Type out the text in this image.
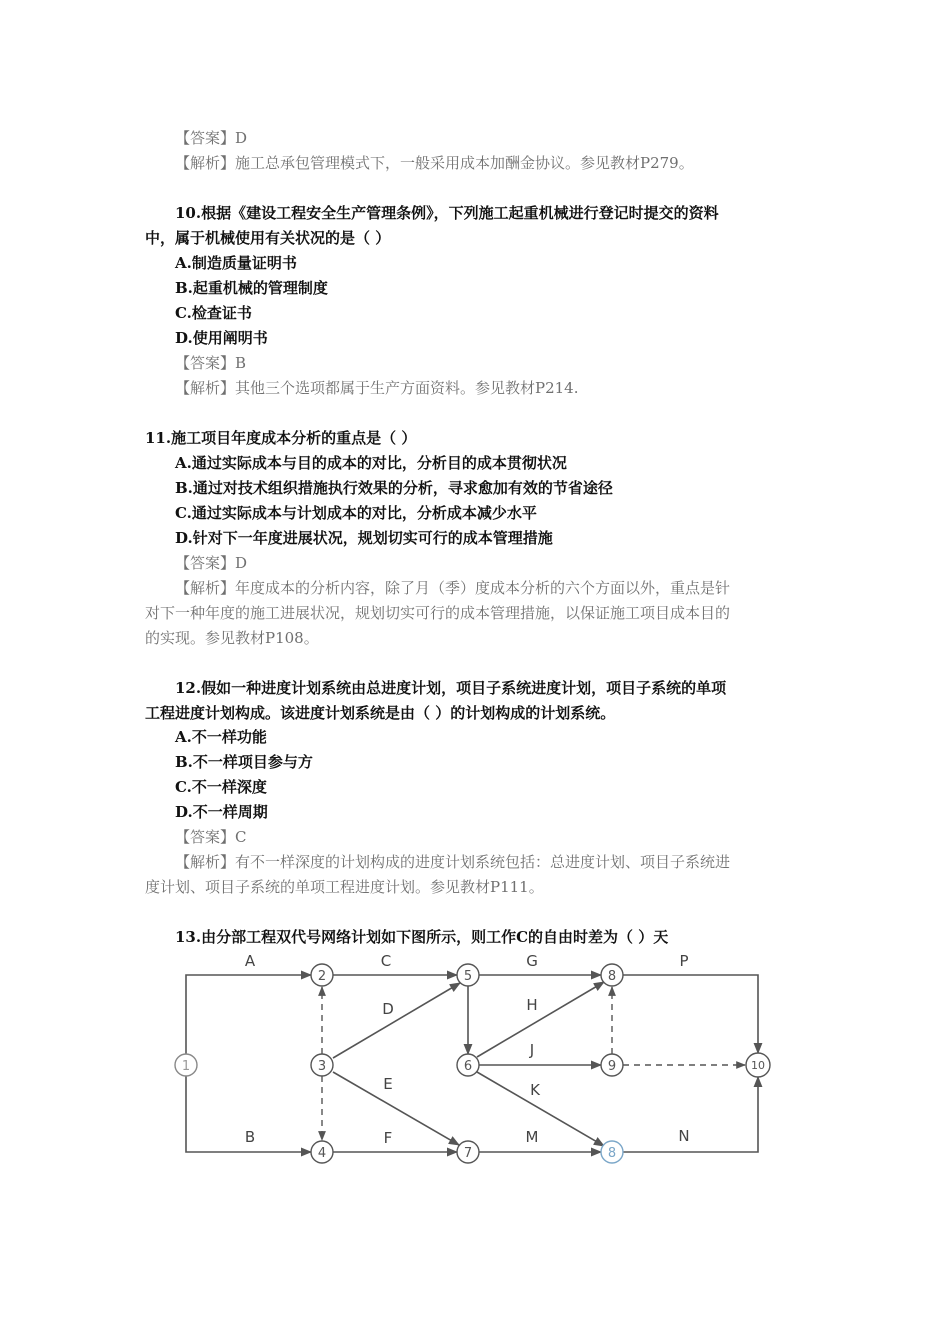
【答案】D
【解析】施工总承包管理模式下，一般采用成本加酬金协议。参见教材P279。
10.根据《建设工程安全生产管理条例》，下列施工起重机械进行登记时提交的资料
中，属于机械使用有关状况的是（ ）
A.制造质量证明书
B.起重机械的管理制度
C.检查证书
D.使用阐明书
【答案】B
【解析】其他三个选项都属于生产方面资料。参见教材P214.
11.施工项目年度成本分析的重点是（ ）
A.通过实际成本与目的成本的对比，分析目的成本贯彻状况
B.通过对技术组织措施执行效果的分析，寻求愈加有效的节省途径
C.通过实际成本与计划成本的对比，分析成本减少水平
D.针对下一年度进展状况，规划切实可行的成本管理措施
【答案】D
【解析】年度成本的分析内容，除了月（季）度成本分析的六个方面以外，重点是针
对下一种年度的施工进展状况，规划切实可行的成本管理措施，以保证施工项目成本目的
的实现。参见教材P108。
12.假如一种进度计划系统由总进度计划，项目子系统进度计划，项目子系统的单项
工程进度计划构成。该进度计划系统是由（ ）的计划构成的计划系统。
A.不一样功能
B.不一样项目参与方
C.不一样深度
D.不一样周期
【答案】C
【解析】有不一样深度的计划构成的进度计划系统包括：总进度计划、项目子系统进
度计划、项目子系统的单项工程进度计划。参见教材P111。
13.由分部工程双代号网络计划如下图所示，则工作C的自由时差为（ ）天
1
2
3
4
5
6
7
8
9	10
8
A
B
C
D
E
F
G
H
J
K
M
P
N
